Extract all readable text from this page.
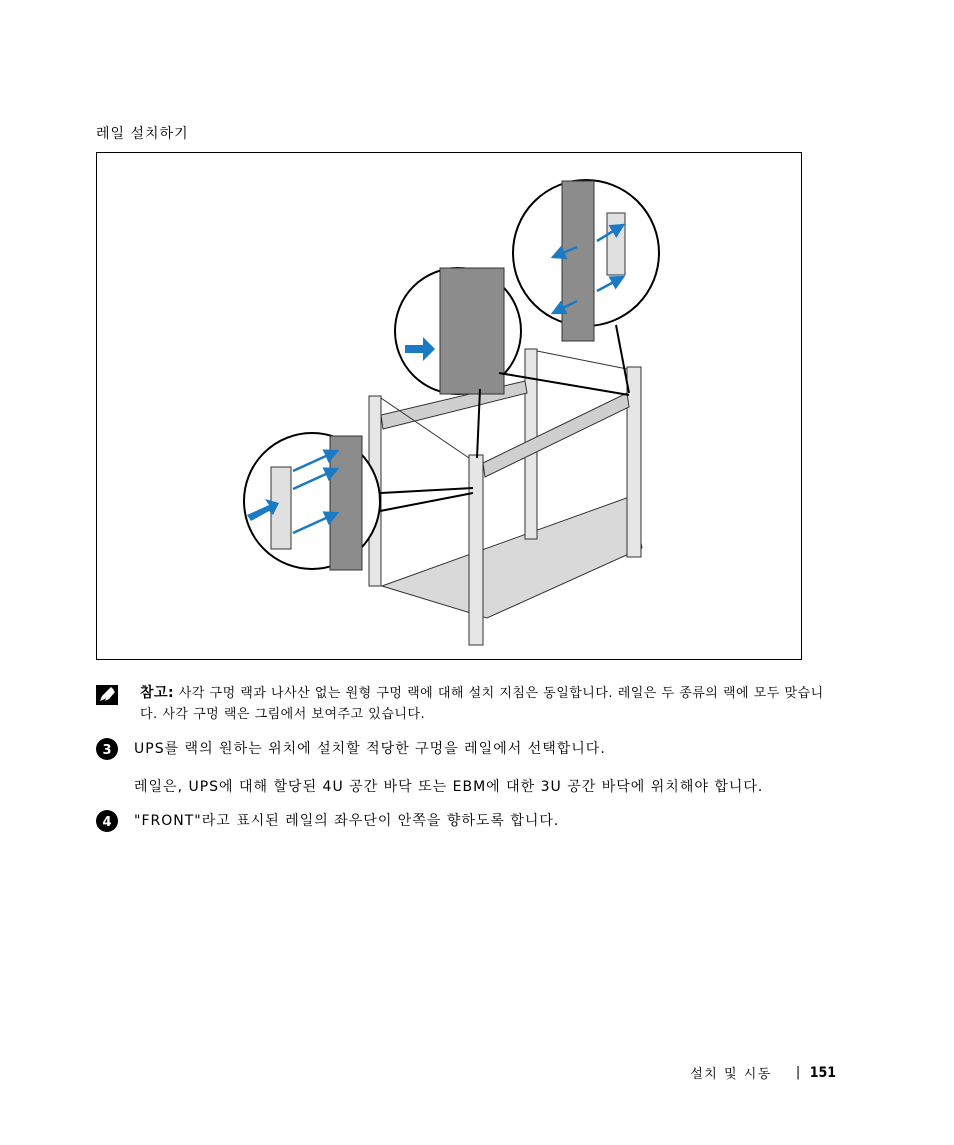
레일 설치하기
참고: 사각 구멍 랙과 나사산 없는 원형 구멍 랙에 대해 설치 지침은 동일합니다. 레일은 두 종류의 랙에 모두 맞습니다. 사각 구멍 랙은 그림에서 보여주고 있습니다.
3 UPS를 랙의 원하는 위치에 설치할 적당한 구멍을 레일에서 선택합니다.
레일은, UPS에 대해 할당된 4U 공간 바닥 또는 EBM에 대한 3U 공간 바닥에 위치해야 합니다.
4 "FRONT"라고 표시된 레일의 좌우단이 안쪽을 향하도록 합니다.
설치 및 시동 | 151
